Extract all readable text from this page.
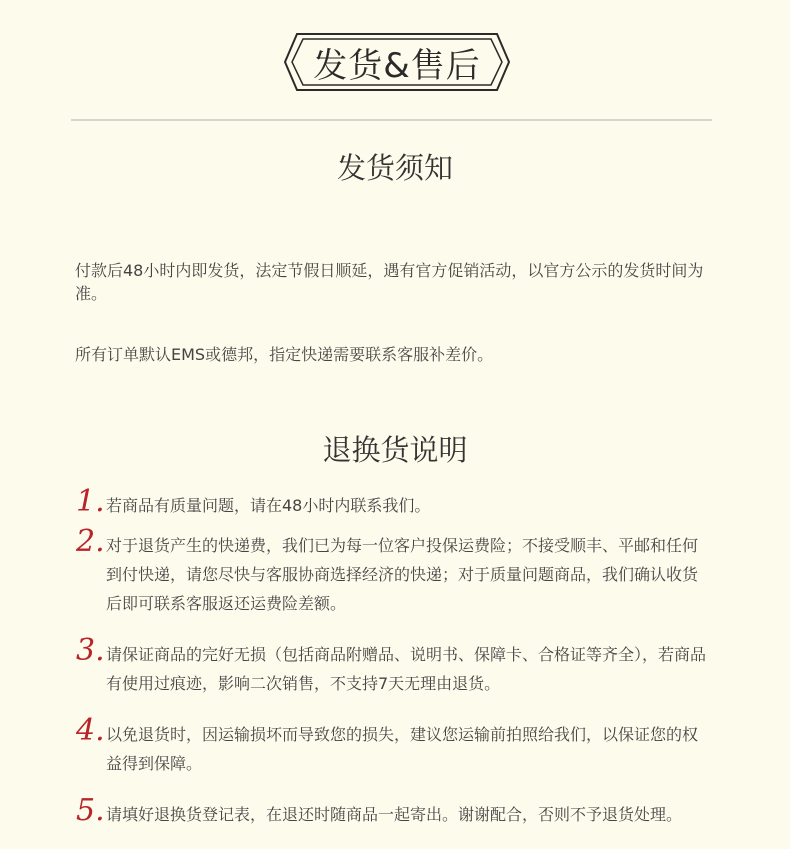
发货&售后
发货须知
付款后48小时内即发货，法定节假日顺延，遇有官方促销活动，以官方公示的发货时间为准。
所有订单默认EMS或德邦，指定快递需要联系客服补差价。
退换货说明
1. 若商品有质量问题，请在48小时内联系我们。
2. 对于退货产生的快递费，我们已为每一位客户投保运费险；不接受顺丰、平邮和任何到付快递，请您尽快与客服协商选择经济的快递；对于质量问题商品，我们确认收货后即可联系客服返还运费险差额。
3. 请保证商品的完好无损（包括商品附赠品、说明书、保障卡、合格证等齐全），若商品有使用过痕迹，影响二次销售，不支持7天无理由退货。
4. 以免退货时，因运输损坏而导致您的损失，建议您运输前拍照给我们，以保证您的权益得到保障。
5. 请填好退换货登记表，在退还时随商品一起寄出。谢谢配合，否则不予退货处理。
